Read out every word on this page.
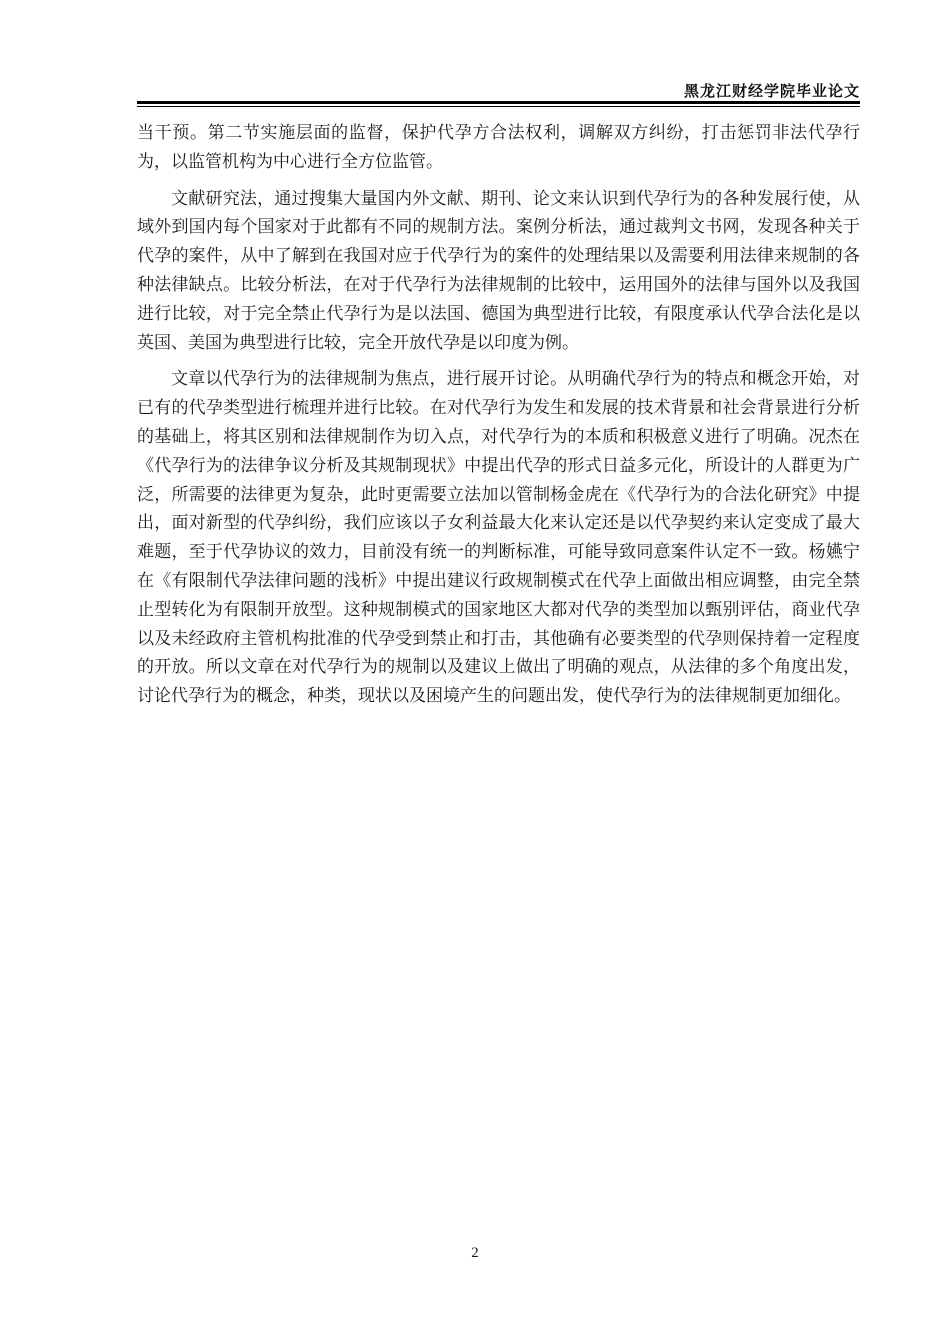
黑龙江财经学院毕业论文

当干预。第二节实施层面的监督，保护代孕方合法权利，调解双方纠纷，打击惩罚非法代孕行为，以监管机构为中心进行全方位监管。

文献研究法，通过搜集大量国内外文献、期刊、论文来认识到代孕行为的各种发展行使，从域外到国内每个国家对于此都有不同的规制方法。案例分析法，通过裁判文书网，发现各种关于代孕的案件，从中了解到在我国对应于代孕行为的案件的处理结果以及需要利用法律来规制的各种法律缺点。比较分析法，在对于代孕行为法律规制的比较中，运用国外的法律与国外以及我国进行比较，对于完全禁止代孕行为是以法国、德国为典型进行比较，有限度承认代孕合法化是以英国、美国为典型进行比较，完全开放代孕是以印度为例。

文章以代孕行为的法律规制为焦点，进行展开讨论。从明确代孕行为的特点和概念开始，对已有的代孕类型进行梳理并进行比较。在对代孕行为发生和发展的技术背景和社会背景进行分析的基础上，将其区别和法律规制作为切入点，对代孕行为的本质和积极意义进行了明确。况杰在《代孕行为的法律争议分析及其规制现状》中提出代孕的形式日益多元化，所设计的人群更为广泛，所需要的法律更为复杂，此时更需要立法加以管制杨金虎在《代孕行为的合法化研究》中提出，面对新型的代孕纠纷，我们应该以子女利益最大化来认定还是以代孕契约来认定变成了最大难题，至于代孕协议的效力，目前没有统一的判断标准，可能导致同意案件认定不一致。杨嬿宁在《有限制代孕法律问题的浅析》中提出建议行政规制模式在代孕上面做出相应调整，由完全禁止型转化为有限制开放型。这种规制模式的国家地区大都对代孕的类型加以甄别评估，商业代孕以及未经政府主管机构批准的代孕受到禁止和打击，其他确有必要类型的代孕则保持着一定程度的开放。所以文章在对代孕行为的规制以及建议上做出了明确的观点，从法律的多个角度出发，讨论代孕行为的概念，种类，现状以及困境产生的问题出发，使代孕行为的法律规制更加细化。

2
